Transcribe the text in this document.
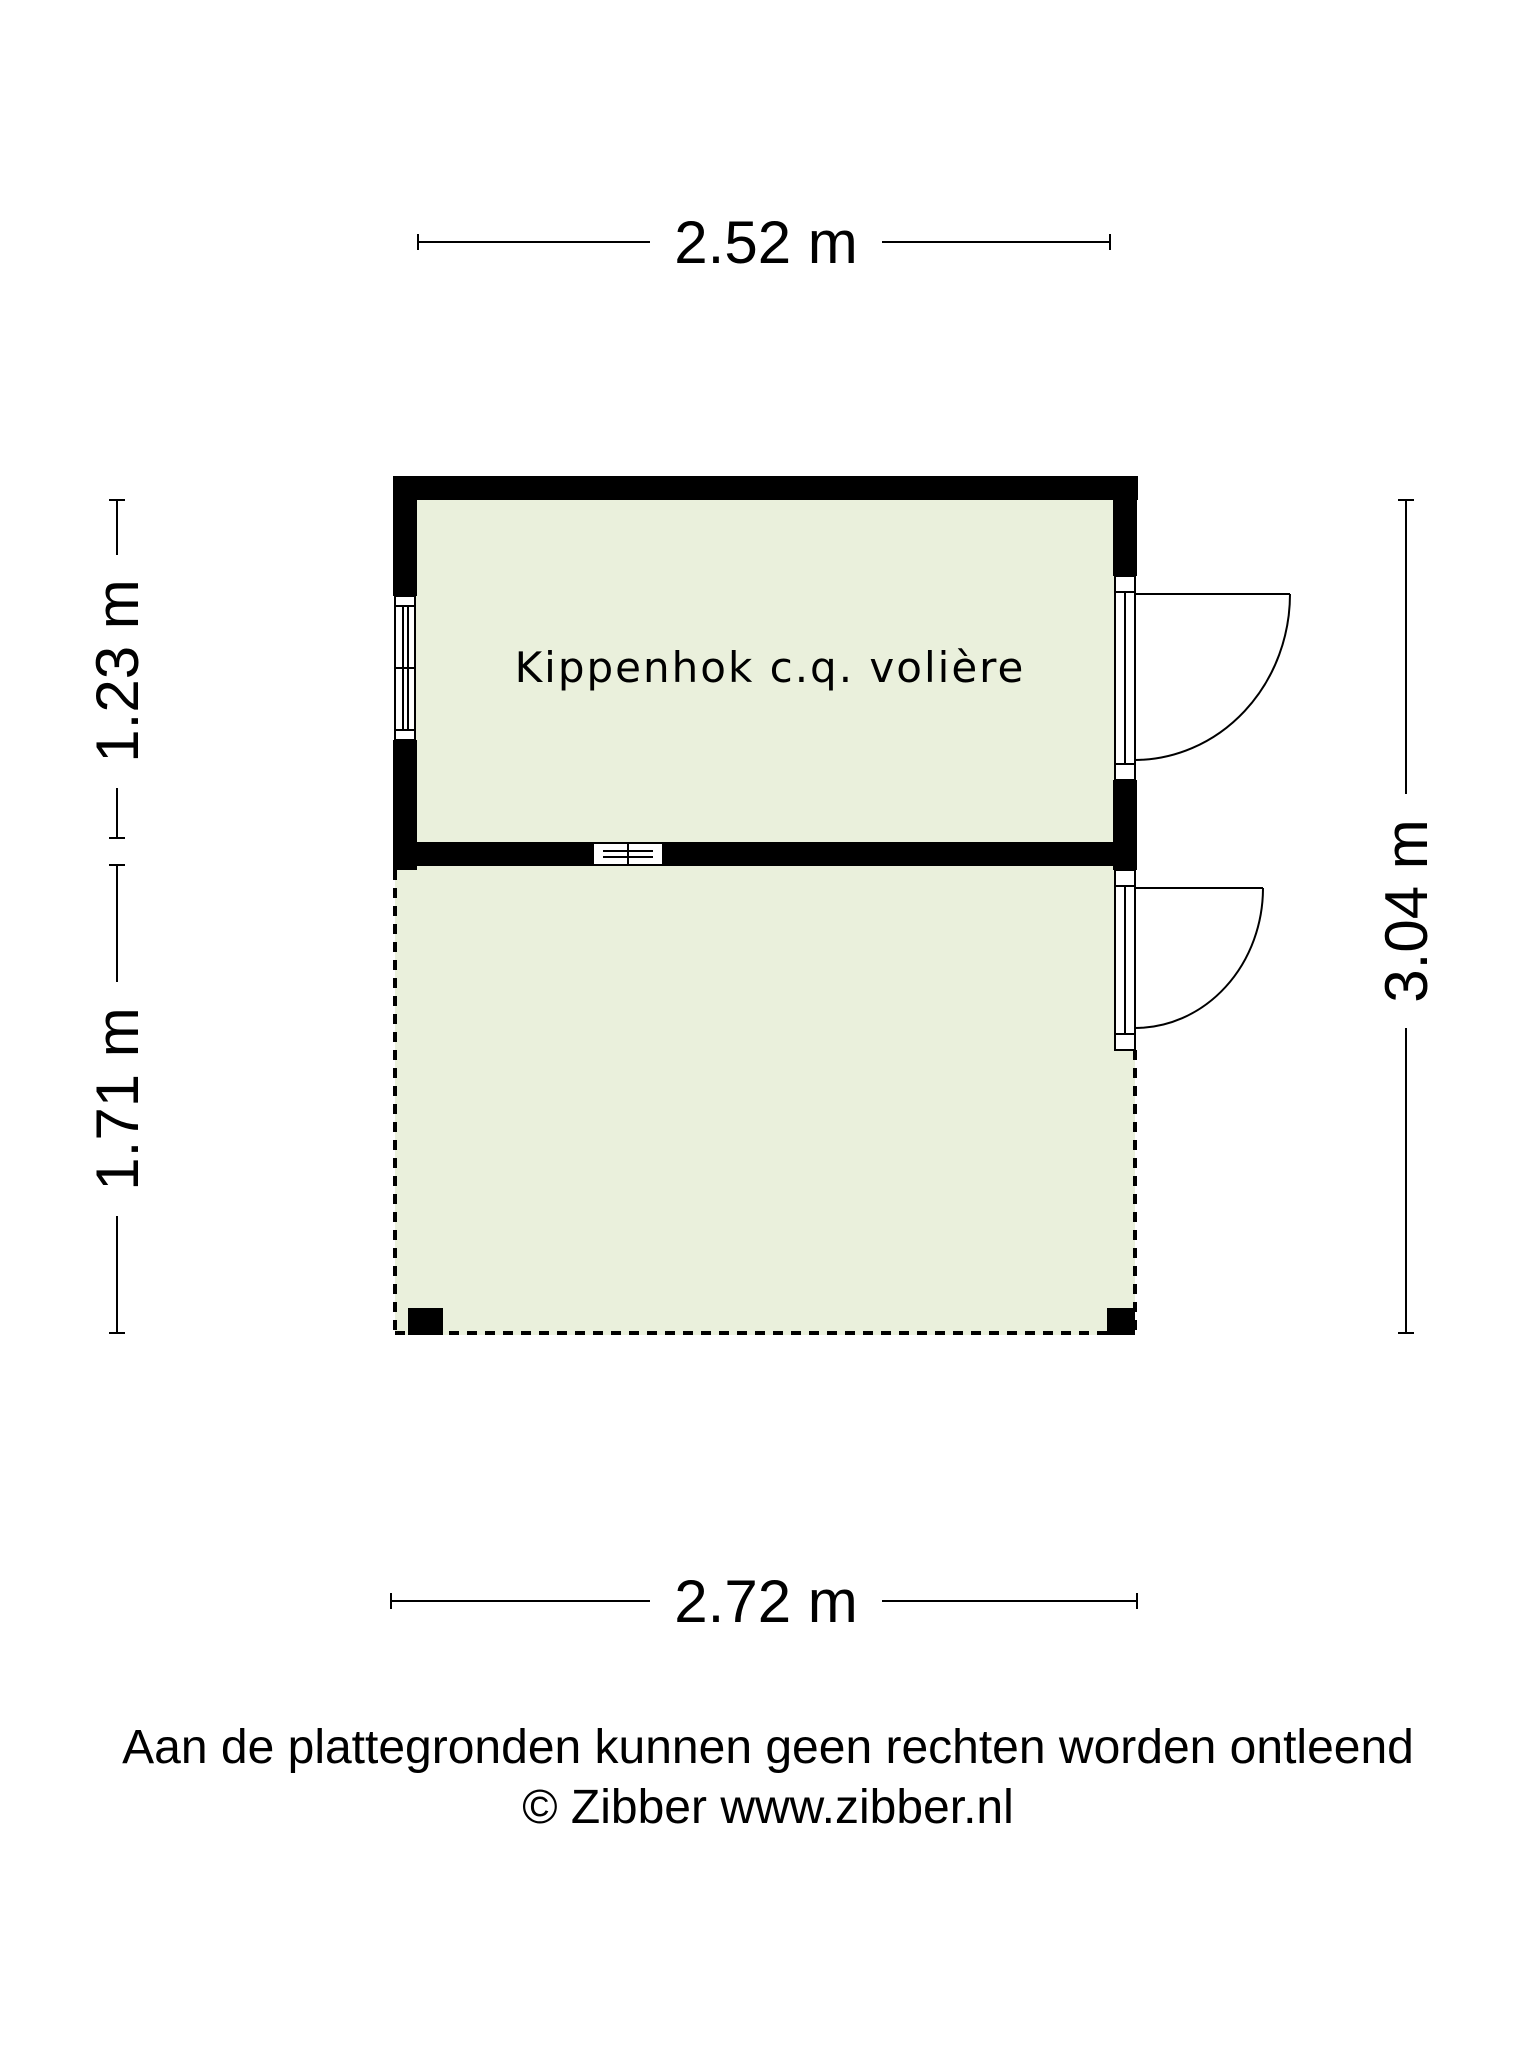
2.52 m
2.72 m
1.23 m
1.71 m
3.04 m
Kippenhok c.q. volière
Aan de plattegronden kunnen geen rechten worden ontleend
© Zibber www.zibber.nl
